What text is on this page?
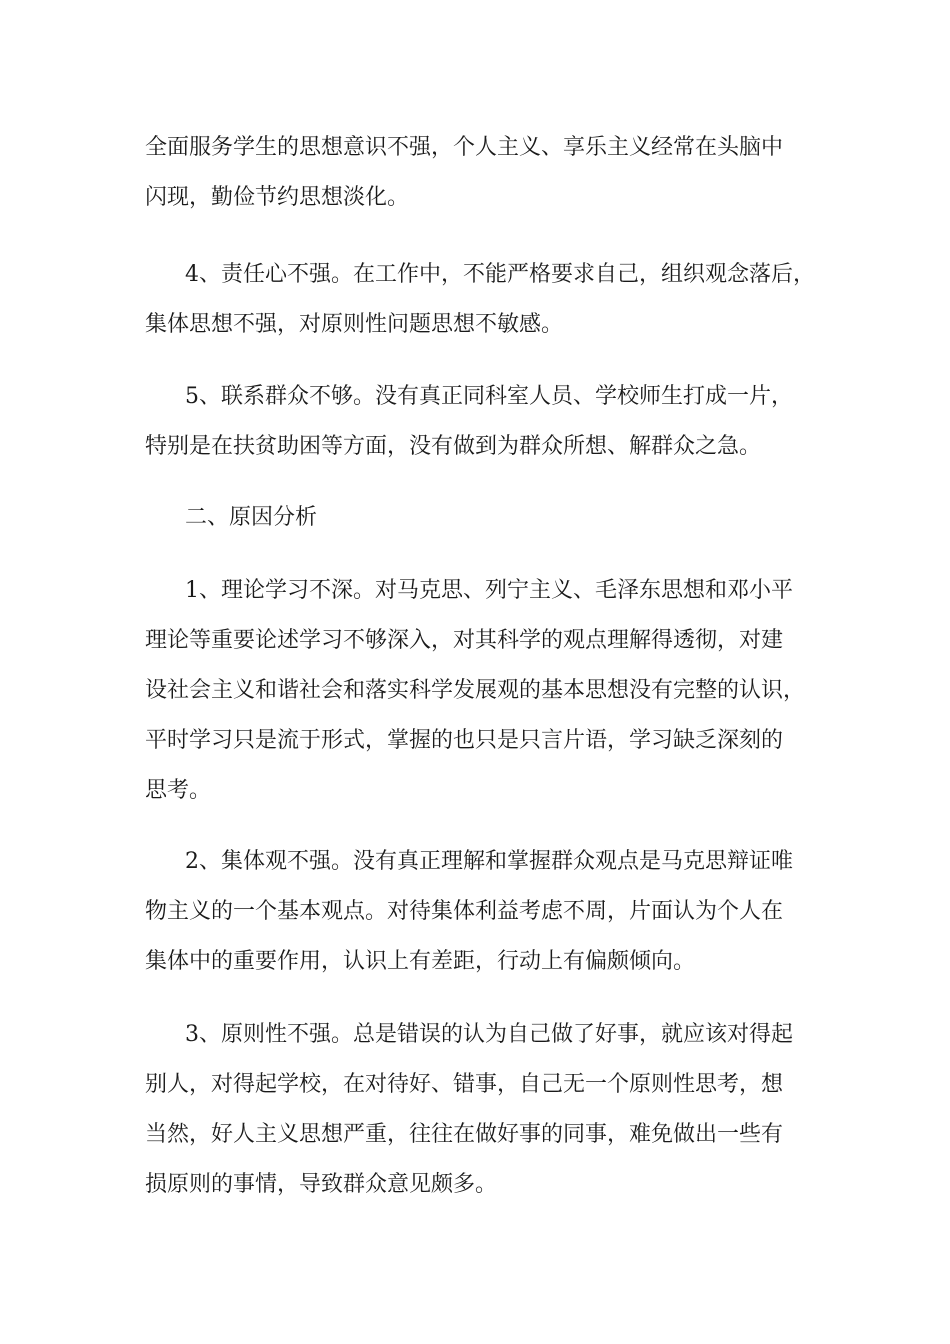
全面服务学生的思想意识不强，个人主义、享乐主义经常在头脑中
闪现，勤俭节约思想淡化。
4、责任心不强。在工作中，不能严格要求自己，组织观念落后，
集体思想不强，对原则性问题思想不敏感。
5、联系群众不够。没有真正同科室人员、学校师生打成一片，
特别是在扶贫助困等方面，没有做到为群众所想、解群众之急。
二、原因分析
1、理论学习不深。对马克思、列宁主义、毛泽东思想和邓小平
理论等重要论述学习不够深入，对其科学的观点理解得透彻，对建
设社会主义和谐社会和落实科学发展观的基本思想没有完整的认识，
平时学习只是流于形式，掌握的也只是只言片语，学习缺乏深刻的
思考。
2、集体观不强。没有真正理解和掌握群众观点是马克思辩证唯
物主义的一个基本观点。对待集体利益考虑不周，片面认为个人在
集体中的重要作用，认识上有差距，行动上有偏颇倾向。
3、原则性不强。总是错误的认为自己做了好事，就应该对得起
别人，对得起学校，在对待好、错事，自己无一个原则性思考，想
当然，好人主义思想严重，往往在做好事的同事，难免做出一些有
损原则的事情，导致群众意见颇多。
